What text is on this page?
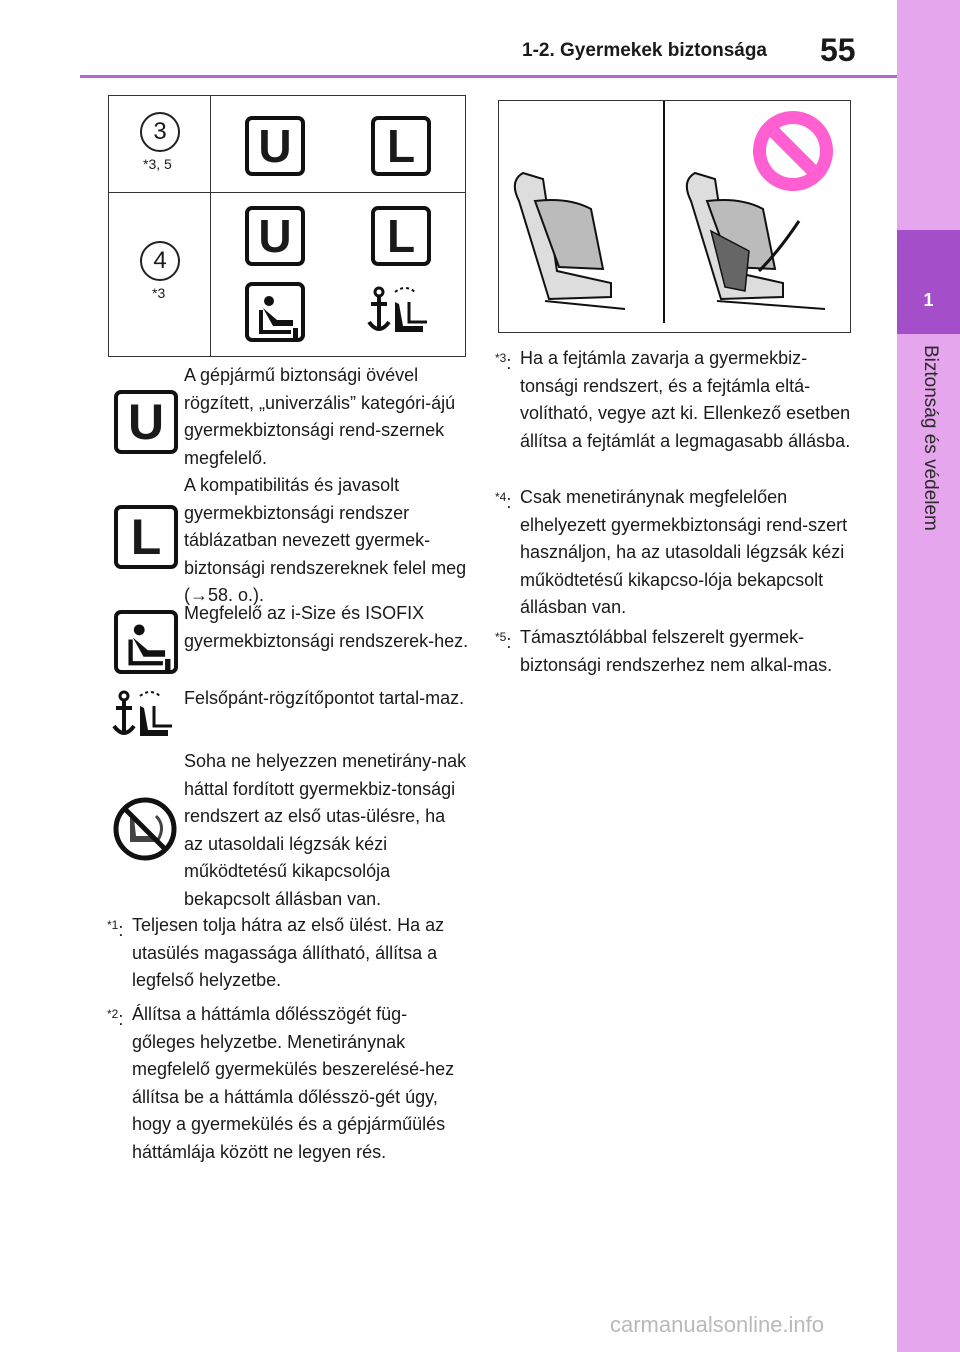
1-2. Gyermekek biztonsága 55
1
Biztonság és védelem
3
*3, 5 U	L
4
*3
U	L
U
A gépjármű biztonsági övével rögzített, „univerzális” kategóri-ájú gyermekbiztonsági rend-szernek megfelelő.
L
A kompatibilitás és javasolt gyermekbiztonsági rendszer táblázatban nevezett gyermek-biztonsági rendszereknek felel meg (→58. o.).
Megfelelő az i-Size és ISOFIX gyermekbiztonsági rendszerek-hez.
Felsőpánt-rögzítőpontot tartal-maz.
Soha ne helyezzen menetirány-nak háttal fordított gyermekbiz-tonsági rendszert az első utas-ülésre, ha az utasoldali légzsák kézi működtetésű kikapcsolója bekapcsolt állásban van.
$^{*1}$: Teljesen tolja hátra az első ülést. Ha az utasülés magassága állítható, állítsa a legfelső helyzetbe.
$^{*2}$: Állítsa a háttámla dőlésszögét füg-gőleges helyzetbe. Menetiránynak megfelelő gyermekülés beszerelésé-hez állítsa be a háttámla dőlésszö-gét úgy, hogy a gyermekülés és a gépjárműülés háttámlája között ne legyen rés.
$^{*3}$: Ha a fejtámla zavarja a gyermekbiz-tonsági rendszert, és a fejtámla eltá-volítható, vegye azt ki. Ellenkező esetben állítsa a fejtámlát a legmagasabb állásba.
$^{*4}$: Csak menetiránynak megfelelően elhelyezett gyermekbiztonsági rend-szert használjon, ha az utasoldali légzsák kézi működtetésű kikapcso-lója bekapcsolt állásban van.
$^{*5}$: Támasztólábbal felszerelt gyermek-biztonsági rendszerhez nem alkal-mas.
carmanualsonline.info
